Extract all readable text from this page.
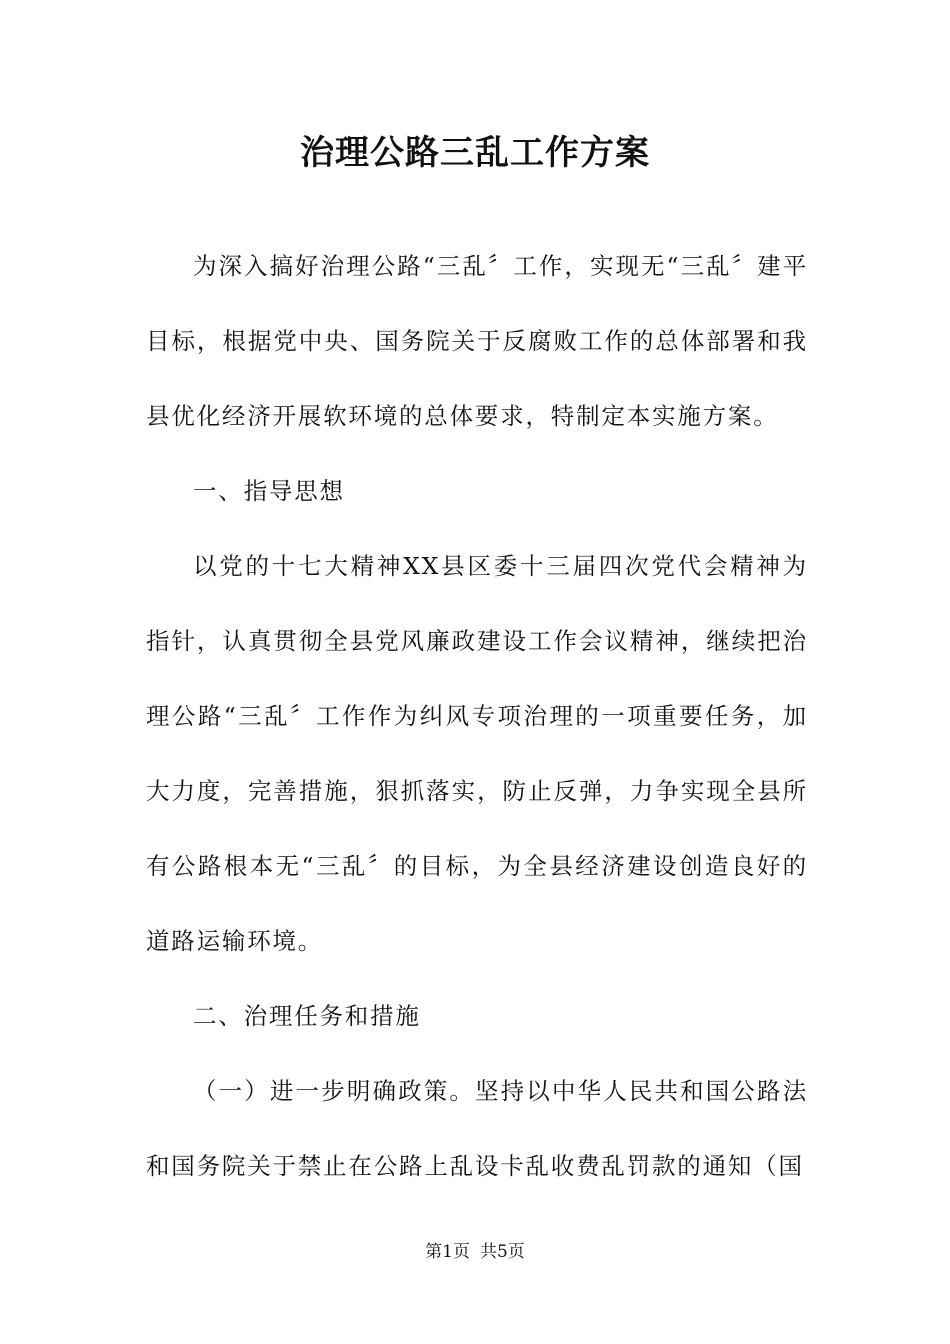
治理公路三乱工作方案

为深入搞好治理公路“三乱〞工作，实现无“三乱〞建平目标，根据党中央、国务院关于反腐败工作的总体部署和我县优化经济开展软环境的总体要求，特制定本实施方案。

一、指导思想

以党的十七大精神XX县区委十三届四次党代会精神为指针，认真贯彻全县党风廉政建设工作会议精神，继续把治理公路“三乱〞工作作为纠风专项治理的一项重要任务，加大力度，完善措施，狠抓落实，防止反弹，力争实现全县所有公路根本无“三乱〞的目标，为全县经济建设创造良好的道路运输环境。

二、治理任务和措施

（一）进一步明确政策。坚持以中华人民共和国公路法和国务院关于禁止在公路上乱设卡乱收费乱罚款的通知（国

第1页 共5页
